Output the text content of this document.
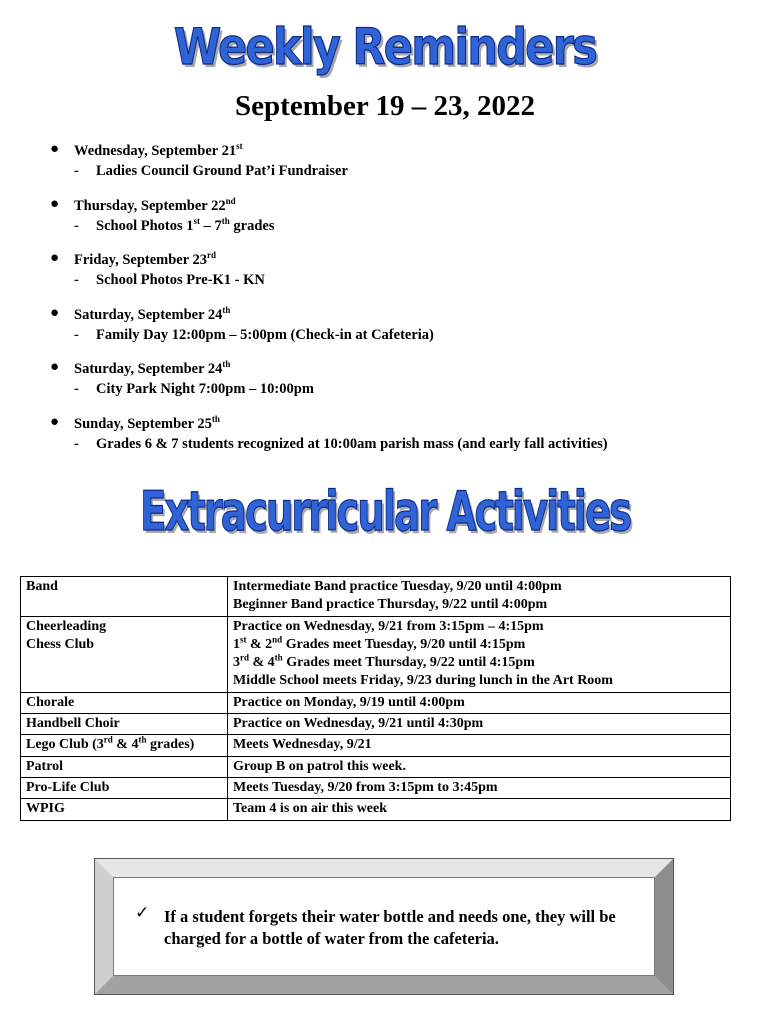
Weekly Reminders
September 19 – 23, 2022
● Wednesday, September 21st
- Ladies Council Ground Pat’i Fundraiser
● Thursday, September 22nd
- School Photos 1st – 7th grades
● Friday, September 23rd
- School Photos Pre-K1 - KN
● Saturday, September 24th
- Family Day 12:00pm – 5:00pm (Check-in at Cafeteria)
● Saturday, September 24th
- City Park Night 7:00pm – 10:00pm
● Sunday, September 25th
- Grades 6 & 7 students recognized at 10:00am parish mass (and early fall activities)
Extracurricular Activities
Band	Intermediate Band practice Tuesday, 9/20 until 4:00pm
Beginner Band practice Thursday, 9/22 until 4:00pm

Cheerleading
Chess Club	Practice on Wednesday, 9/21 from 3:15pm – 4:15pm
1st & 2nd Grades meet Tuesday, 9/20 until 4:15pm
3rd & 4th Grades meet Thursday, 9/22 until 4:15pm
Middle School meets Friday, 9/23 during lunch in the Art Room

Chorale	Practice on Monday, 9/19 until 4:00pm
Handbell Choir	Practice on Wednesday, 9/21 until 4:30pm
Lego Club (3rd & 4th grades)	Meets Wednesday, 9/21
Patrol	Group B on patrol this week.
Pro-Life Club	Meets Tuesday, 9/20 from 3:15pm to 3:45pm
WPIG	Team 4 is on air this week
✓ If a student forgets their water bottle and needs one, they will be charged for a bottle of water from the cafeteria.
